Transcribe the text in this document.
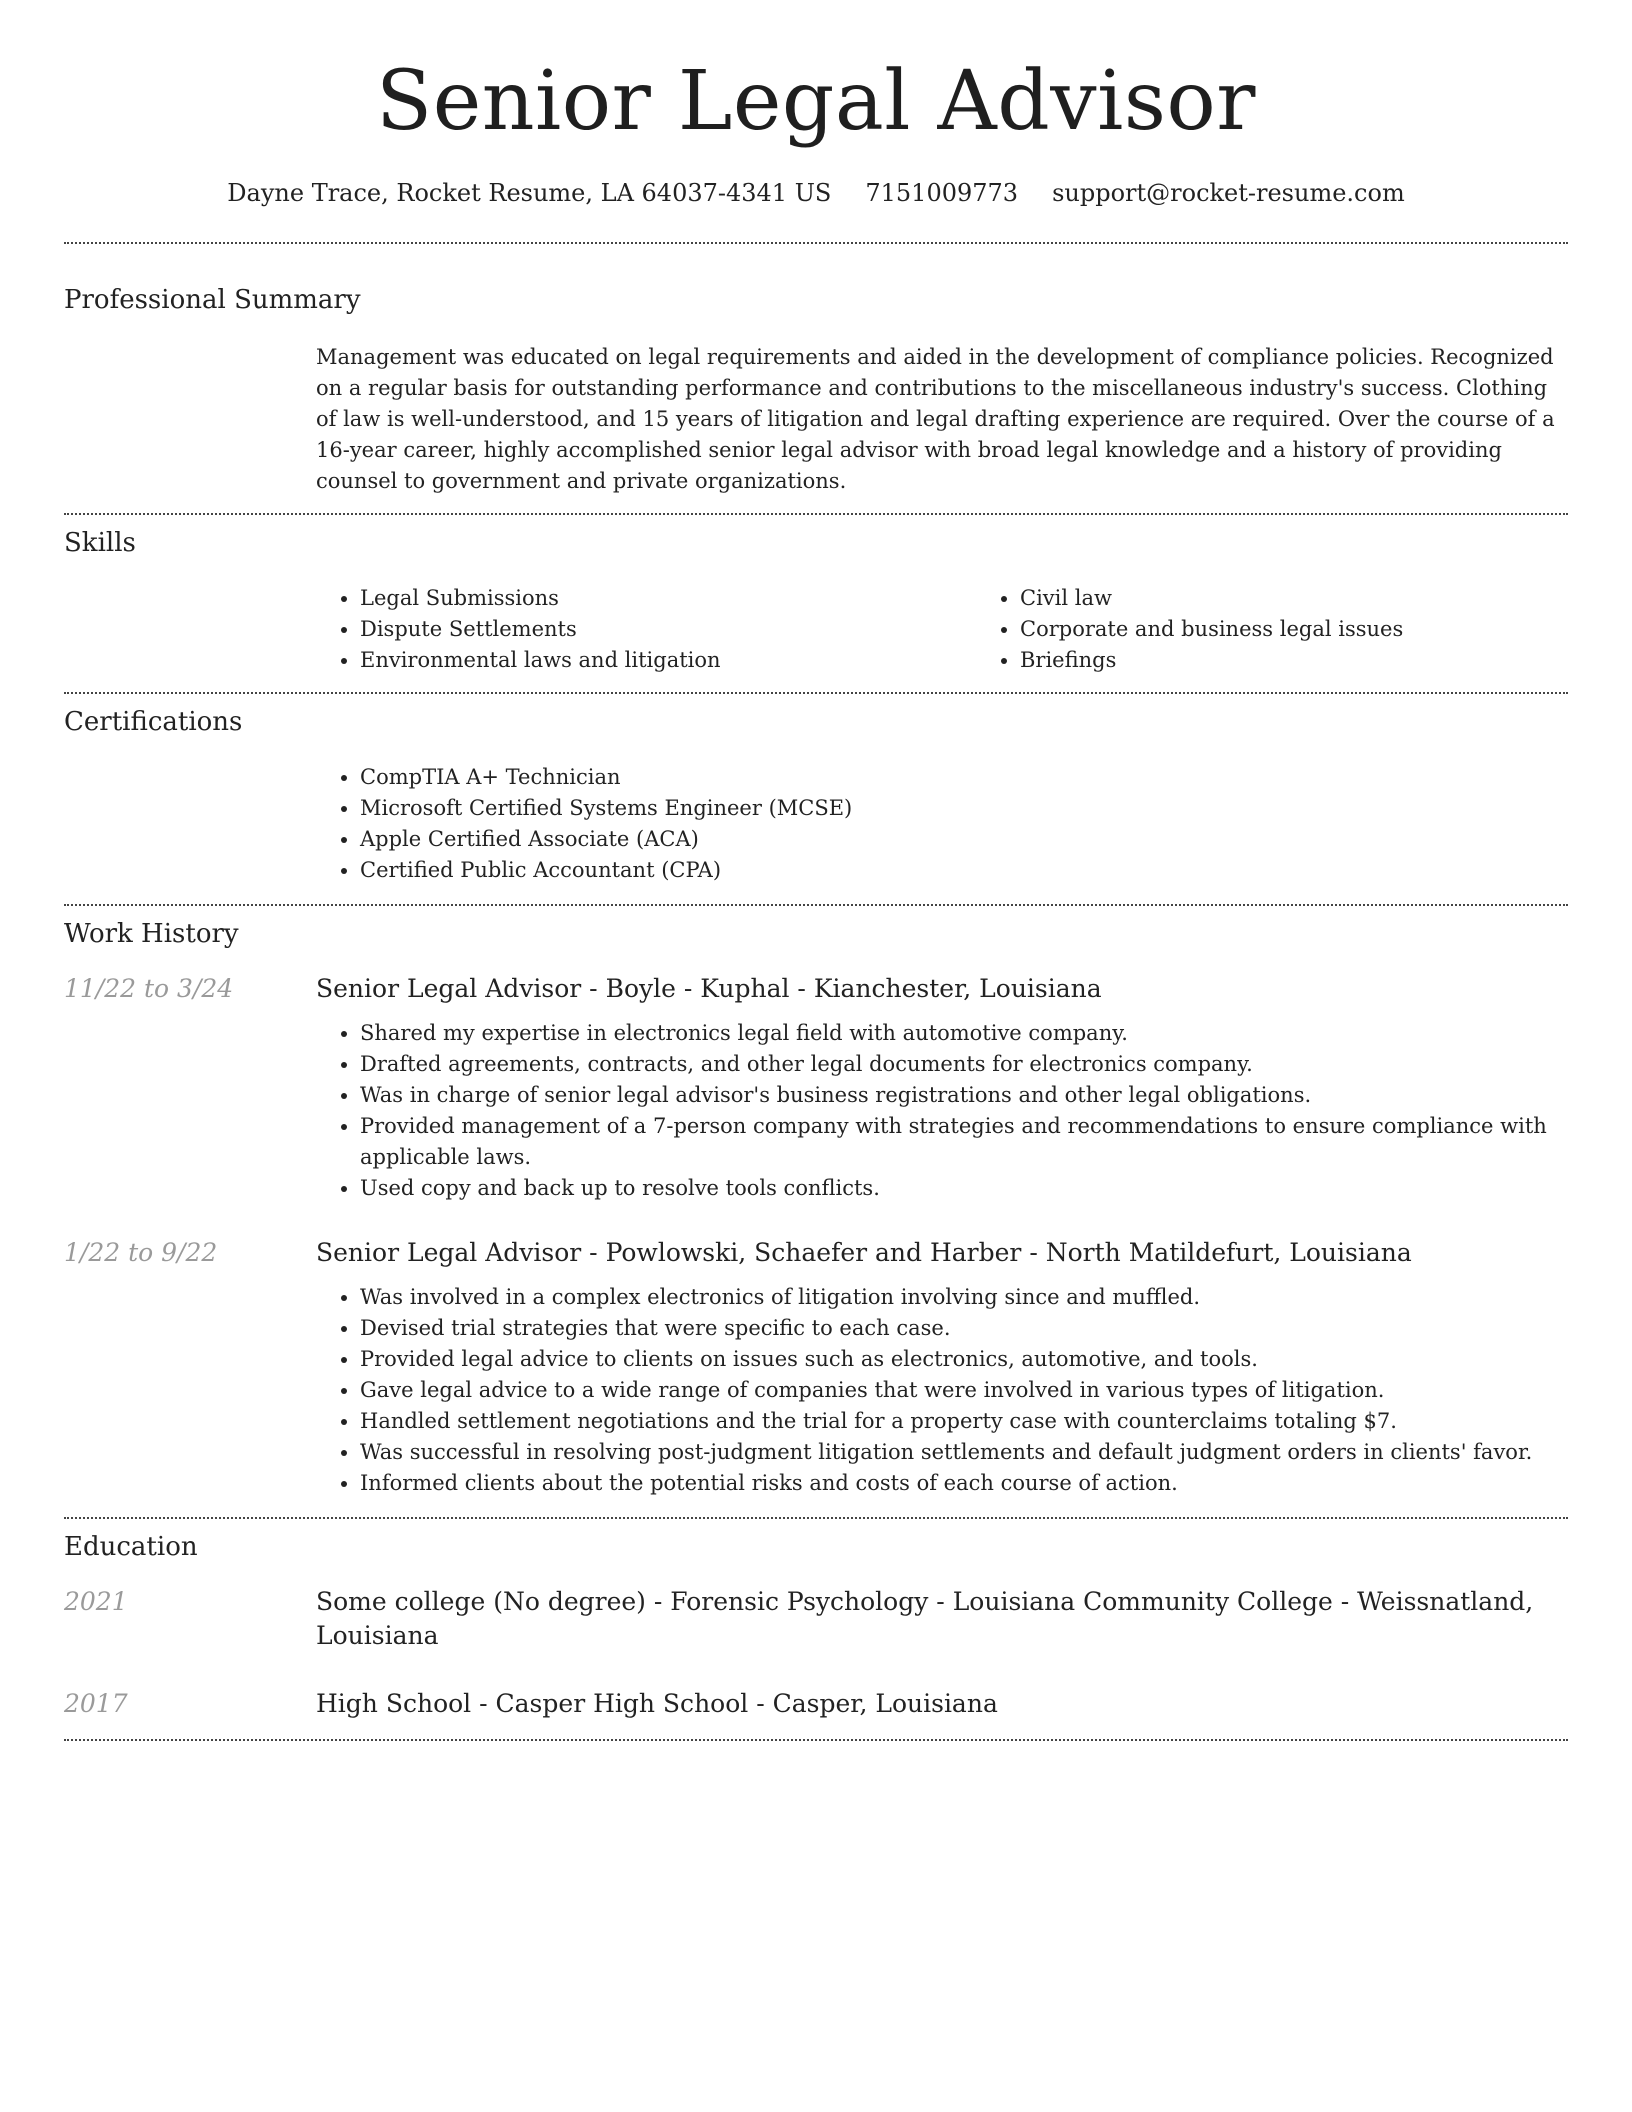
Senior Legal Advisor
Dayne Trace, Rocket Resume, LA 64037-4341 US 7151009773 support@rocket-resume.com
Professional Summary

Management was educated on legal requirements and aided in the development of compliance policies. Recognized on a regular basis for outstanding performance and contributions to the miscellaneous industry's success. Clothing of law is well-understood, and 15 years of litigation and legal drafting experience are required. Over the course of a 16-year career, highly accomplished senior legal advisor with broad legal knowledge and a history of providing counsel to government and private organizations.

Skills
• Legal Submissions
• Dispute Settlements
• Environmental laws and litigation
• Civil law
• Corporate and business legal issues
• Briefings
Certifications
• CompTIA A+ Technician
• Microsoft Certified Systems Engineer (MCSE)
• Apple Certified Associate (ACA)
• Certified Public Accountant (CPA)
Work History
11/22 to 3/24	Senior Legal Advisor - Boyle - Kuphal - Kianchester, Louisiana
• Shared my expertise in electronics legal field with automotive company.
• Drafted agreements, contracts, and other legal documents for electronics company.
• Was in charge of senior legal advisor's business registrations and other legal obligations.
• Provided management of a 7-person company with strategies and recommendations to ensure compliance with applicable laws.
• Used copy and back up to resolve tools conflicts.
1/22 to 9/22	Senior Legal Advisor - Powlowski, Schaefer and Harber - North Matildefurt, Louisiana
• Was involved in a complex electronics of litigation involving since and muffled.
• Devised trial strategies that were specific to each case.
• Provided legal advice to clients on issues such as electronics, automotive, and tools.
• Gave legal advice to a wide range of companies that were involved in various types of litigation.
• Handled settlement negotiations and the trial for a property case with counterclaims totaling $7.
• Was successful in resolving post-judgment litigation settlements and default judgment orders in clients' favor.
• Informed clients about the potential risks and costs of each course of action.
Education
2021	Some college (No degree) - Forensic Psychology - Louisiana Community College - Weissnatland, Louisiana
2017	High School - Casper High School - Casper, Louisiana
